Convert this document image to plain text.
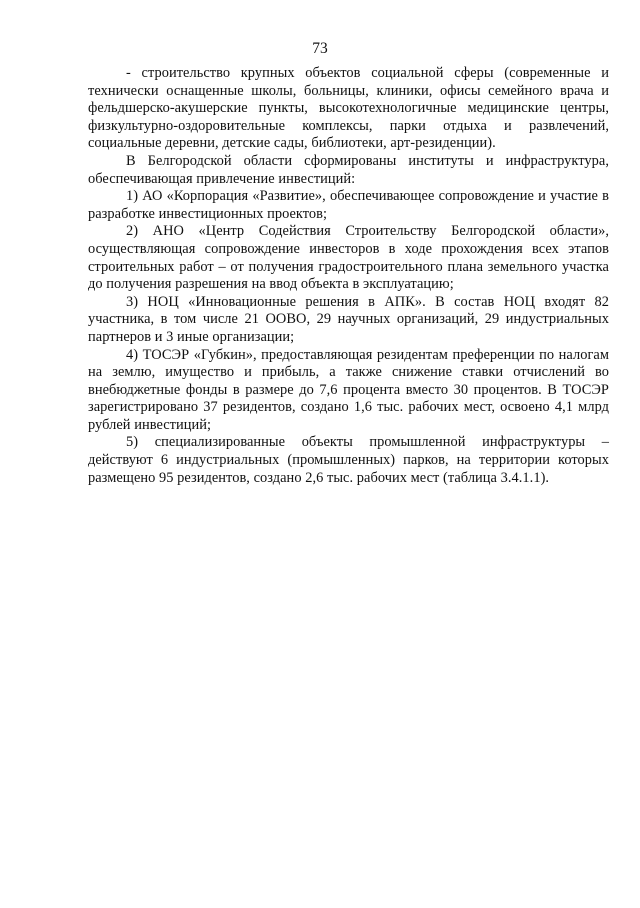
73

- строительство крупных объектов социальной сферы (современные и технически оснащенные школы, больницы, клиники, офисы семейного врача и фельдшерско-акушерские пункты, высокотехнологичные медицинские центры, физкультурно-оздоровительные комплексы, парки отдыха и развлечений, социальные деревни, детские сады, библиотеки, арт-резиденции).

В Белгородской области сформированы институты и инфраструктура, обеспечивающая привлечение инвестиций:

1) АО «Корпорация «Развитие», обеспечивающее сопровождение и участие в разработке инвестиционных проектов;

2) АНО «Центр Содействия Строительству Белгородской области», осуществляющая сопровождение инвесторов в ходе прохождения всех этапов строительных работ – от получения градостроительного плана земельного участка до получения разрешения на ввод объекта в эксплуатацию;

3) НОЦ «Инновационные решения в АПК». В состав НОЦ входят 82 участника, в том числе 21 ООВО, 29 научных организаций, 29 индустриальных партнеров и 3 иные организации;

4) ТОСЭР «Губкин», предоставляющая резидентам преференции по налогам на землю, имущество и прибыль, а также снижение ставки отчислений во внебюджетные фонды в размере до 7,6 процента вместо 30 процентов. В ТОСЭР зарегистрировано 37 резидентов, создано 1,6 тыс. рабочих мест, освоено 4,1 млрд рублей инвестиций;

5) специализированные объекты промышленной инфраструктуры – действуют 6 индустриальных (промышленных) парков, на территории которых размещено 95 резидентов, создано 2,6 тыс. рабочих мест (таблица 3.4.1.1).
